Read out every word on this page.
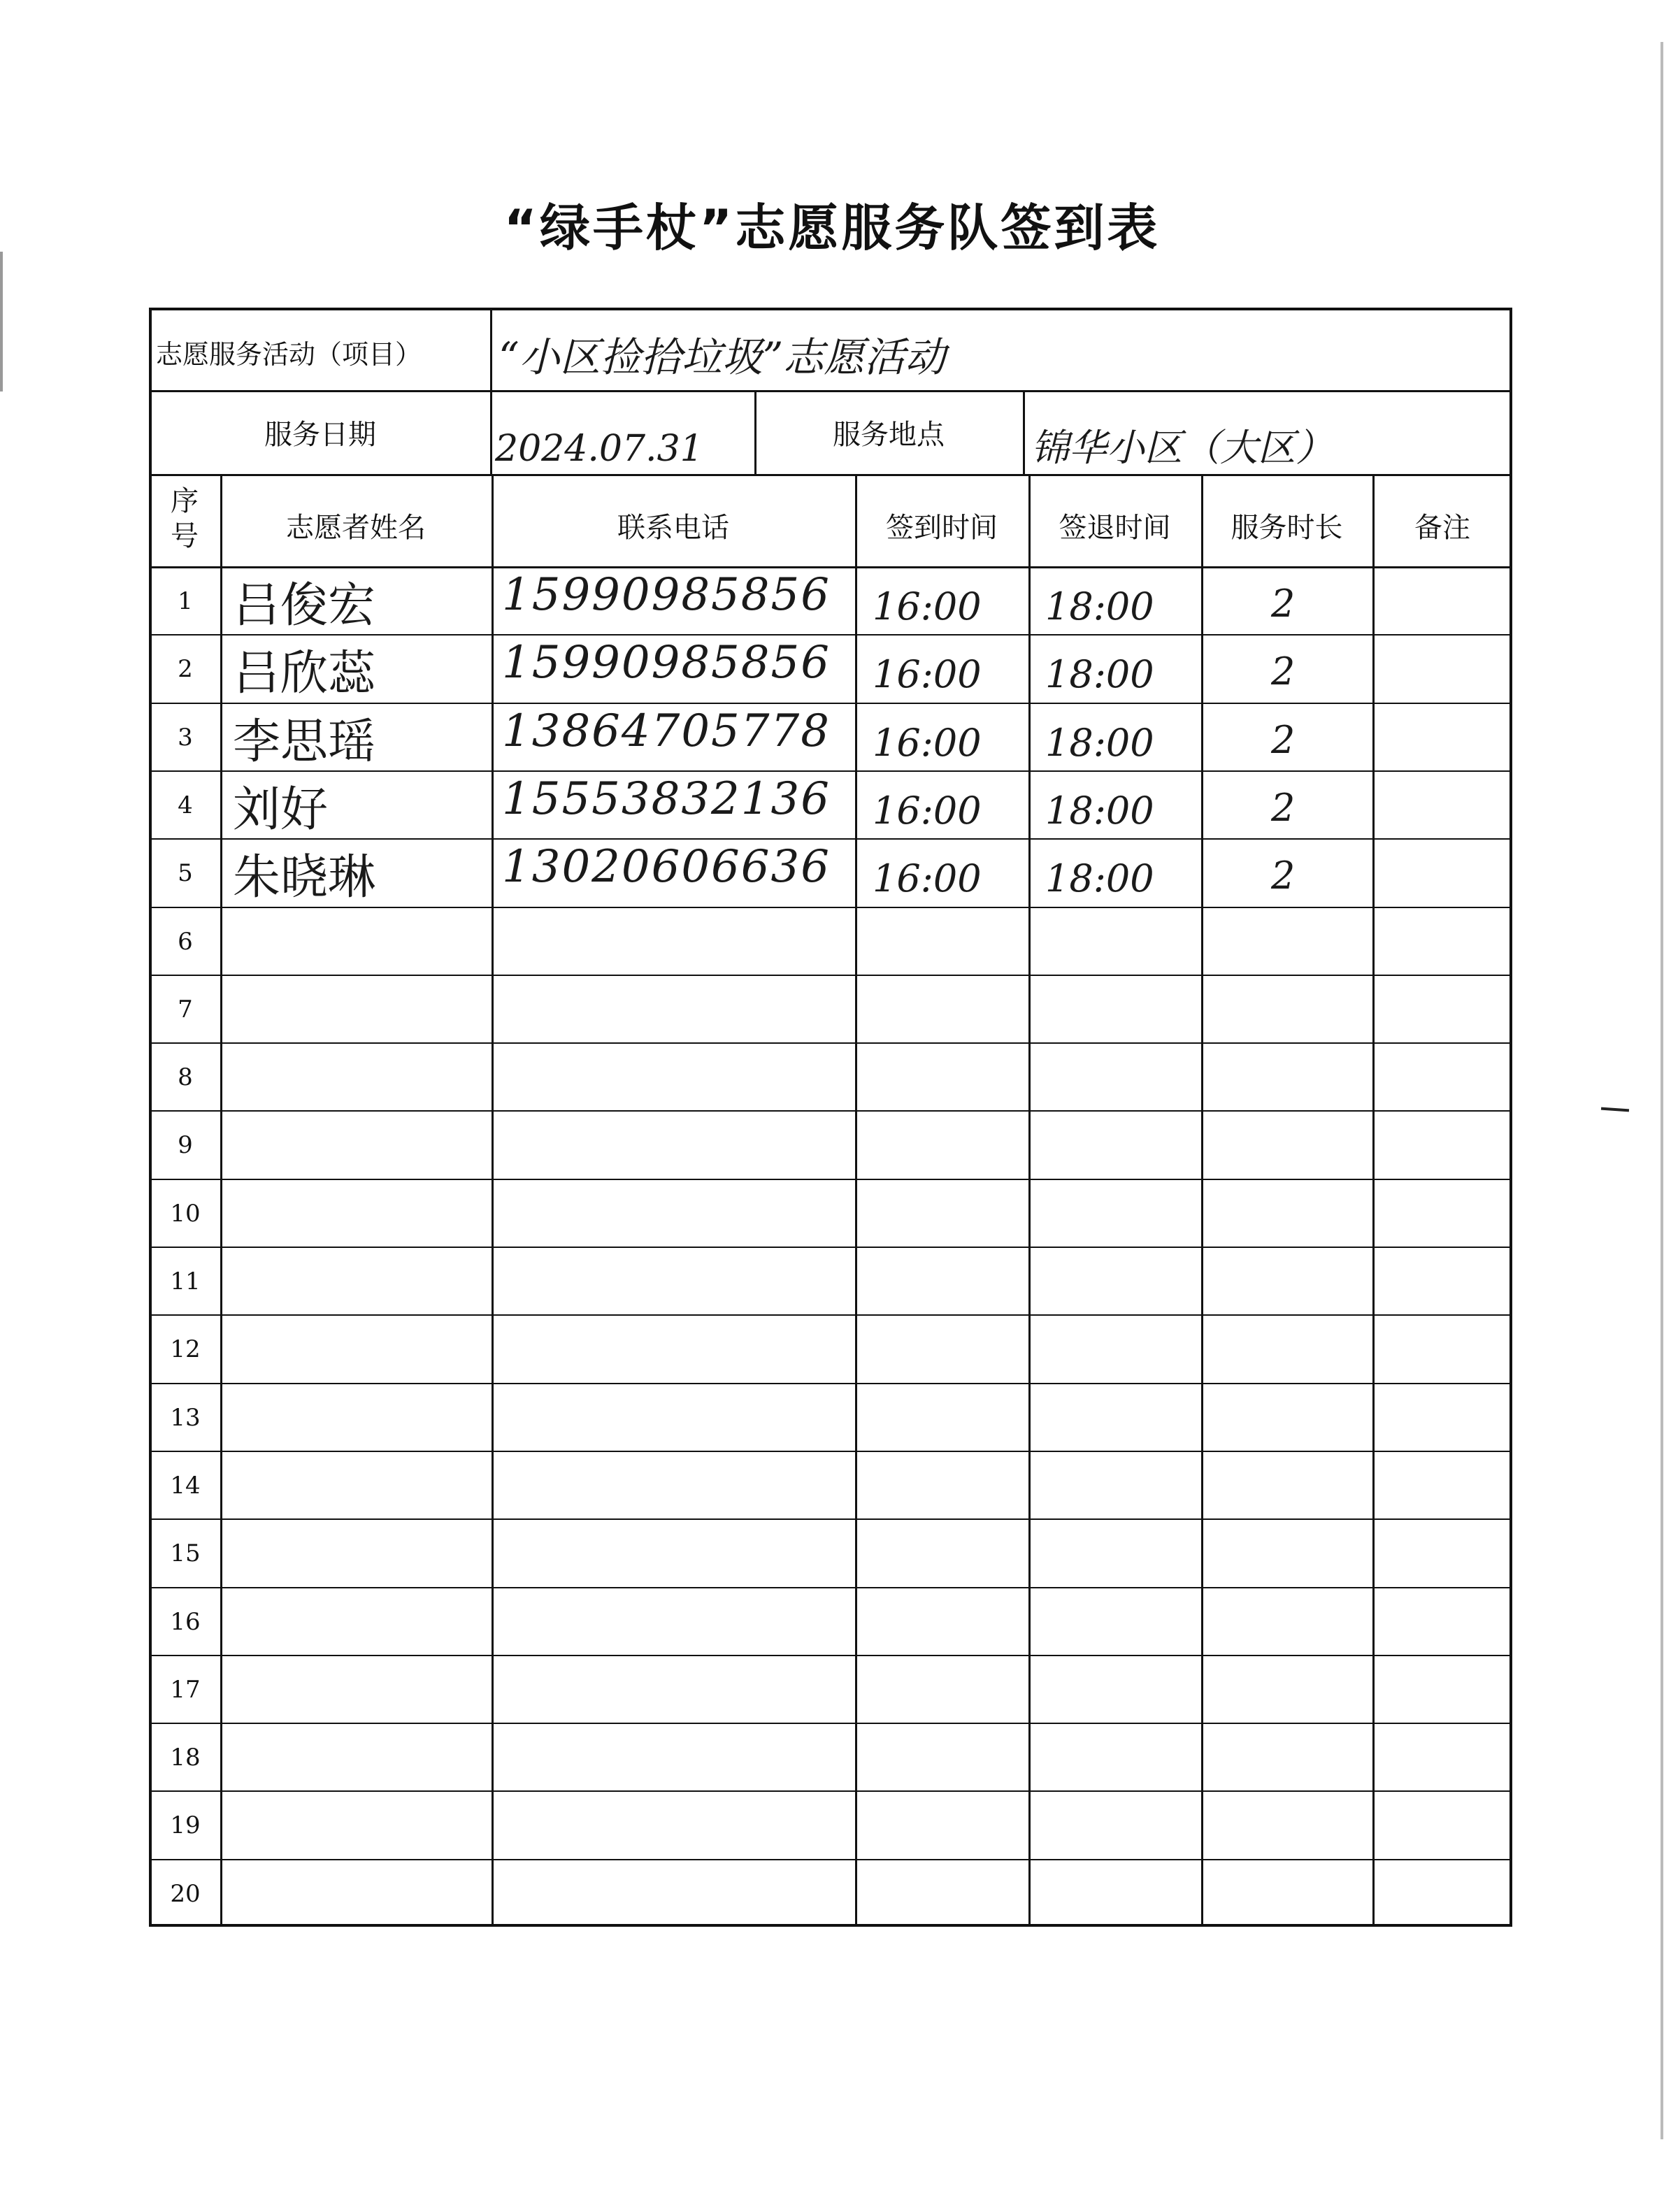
“绿手杖”志愿服务队签到表
志愿服务活动（项目） “小区捡拾垃圾”志愿活动
服务日期	2024.07.31	服务地点 锦华小区（大区）
序号	志愿者姓名	联系电话	签到时间 签退时间 服务时长	备注
1 吕俊宏	15990985856 16:00 18:00	2
2 吕欣蕊	15990985856 16:00 18:00	2
3 李思瑶	13864705778 16:00 18:00	2
4 刘好	15553832136 16:00 18:00	2
5 朱晓琳	13020606636 16:00 18:00	2
6
7
8
9
10
11
12
13
14
15
16
17
18
19
20
